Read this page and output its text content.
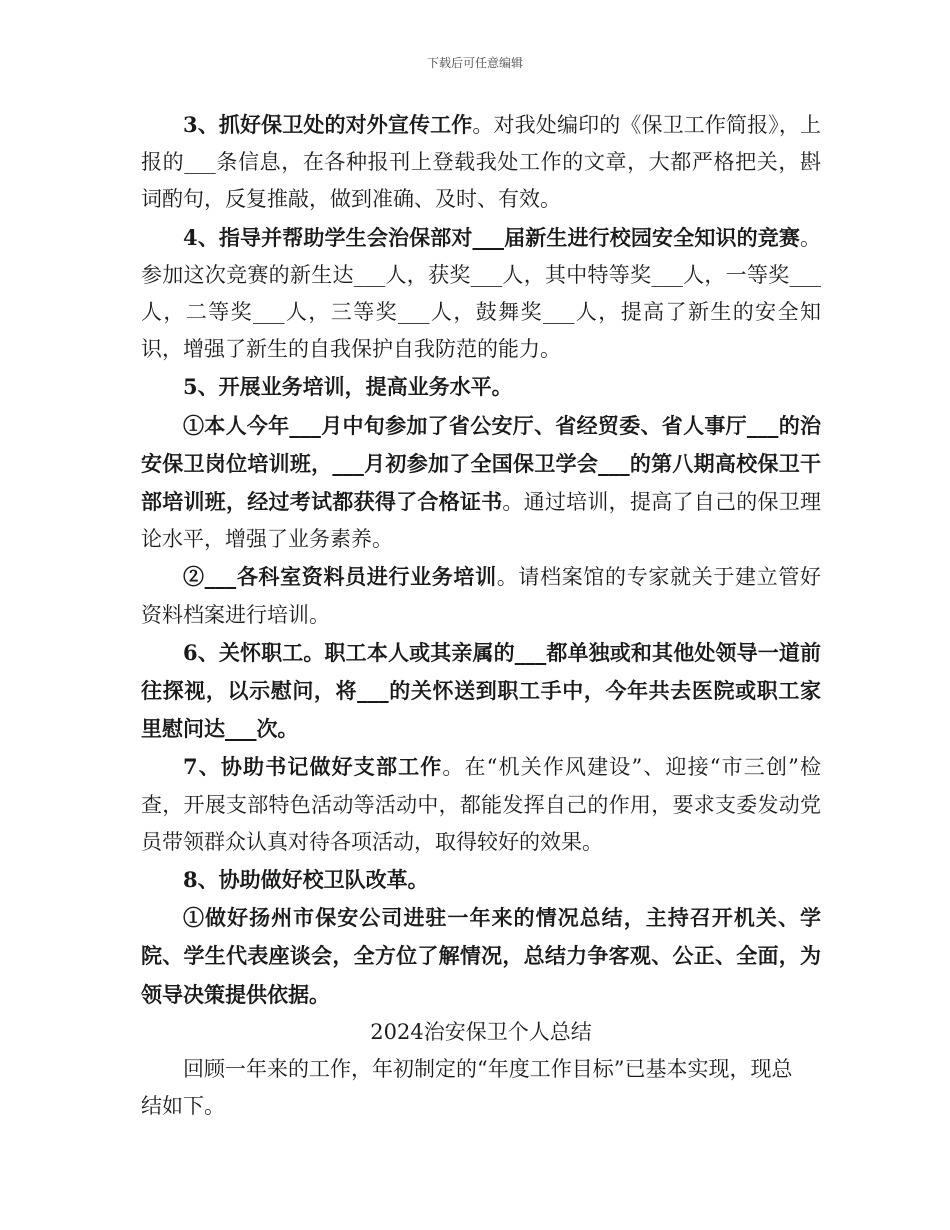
下载后可任意编辑

3、抓好保卫处的对外宣传工作。对我处编印的《保卫工作简报》，上报的___条信息，在各种报刊上登载我处工作的文章，大都严格把关，斟词酌句，反复推敲，做到准确、及时、有效。

4、指导并帮助学生会治保部对___届新生进行校园安全知识的竞赛。参加这次竞赛的新生达___人，获奖___人，其中特等奖___人，一等奖___人，二等奖___人，三等奖___人，鼓舞奖___人，提高了新生的安全知识，增强了新生的自我保护自我防范的能力。

5、开展业务培训，提高业务水平。

①本人今年___月中旬参加了省公安厅、省经贸委、省人事厅___的治安保卫岗位培训班，___月初参加了全国保卫学会___的第八期高校保卫干部培训班，经过考试都获得了合格证书。通过培训，提高了自己的保卫理论水平，增强了业务素养。

②___各科室资料员进行业务培训。请档案馆的专家就关于建立管好资料档案进行培训。

6、关怀职工。职工本人或其亲属的___都单独或和其他处领导一道前往探视，以示慰问，将___的关怀送到职工手中，今年共去医院或职工家里慰问达___次。

7、协助书记做好支部工作。在“机关作风建设”、迎接“市三创”检查，开展支部特色活动等活动中，都能发挥自己的作用，要求支委发动党员带领群众认真对待各项活动，取得较好的效果。

8、协助做好校卫队改革。

①做好扬州市保安公司进驻一年来的情况总结，主持召开机关、学院、学生代表座谈会，全方位了解情况，总结力争客观、公正、全面，为领导决策提供依据。

2024治安保卫个人总结

回顾一年来的工作，年初制定的“年度工作目标”已基本实现，现总结如下。
